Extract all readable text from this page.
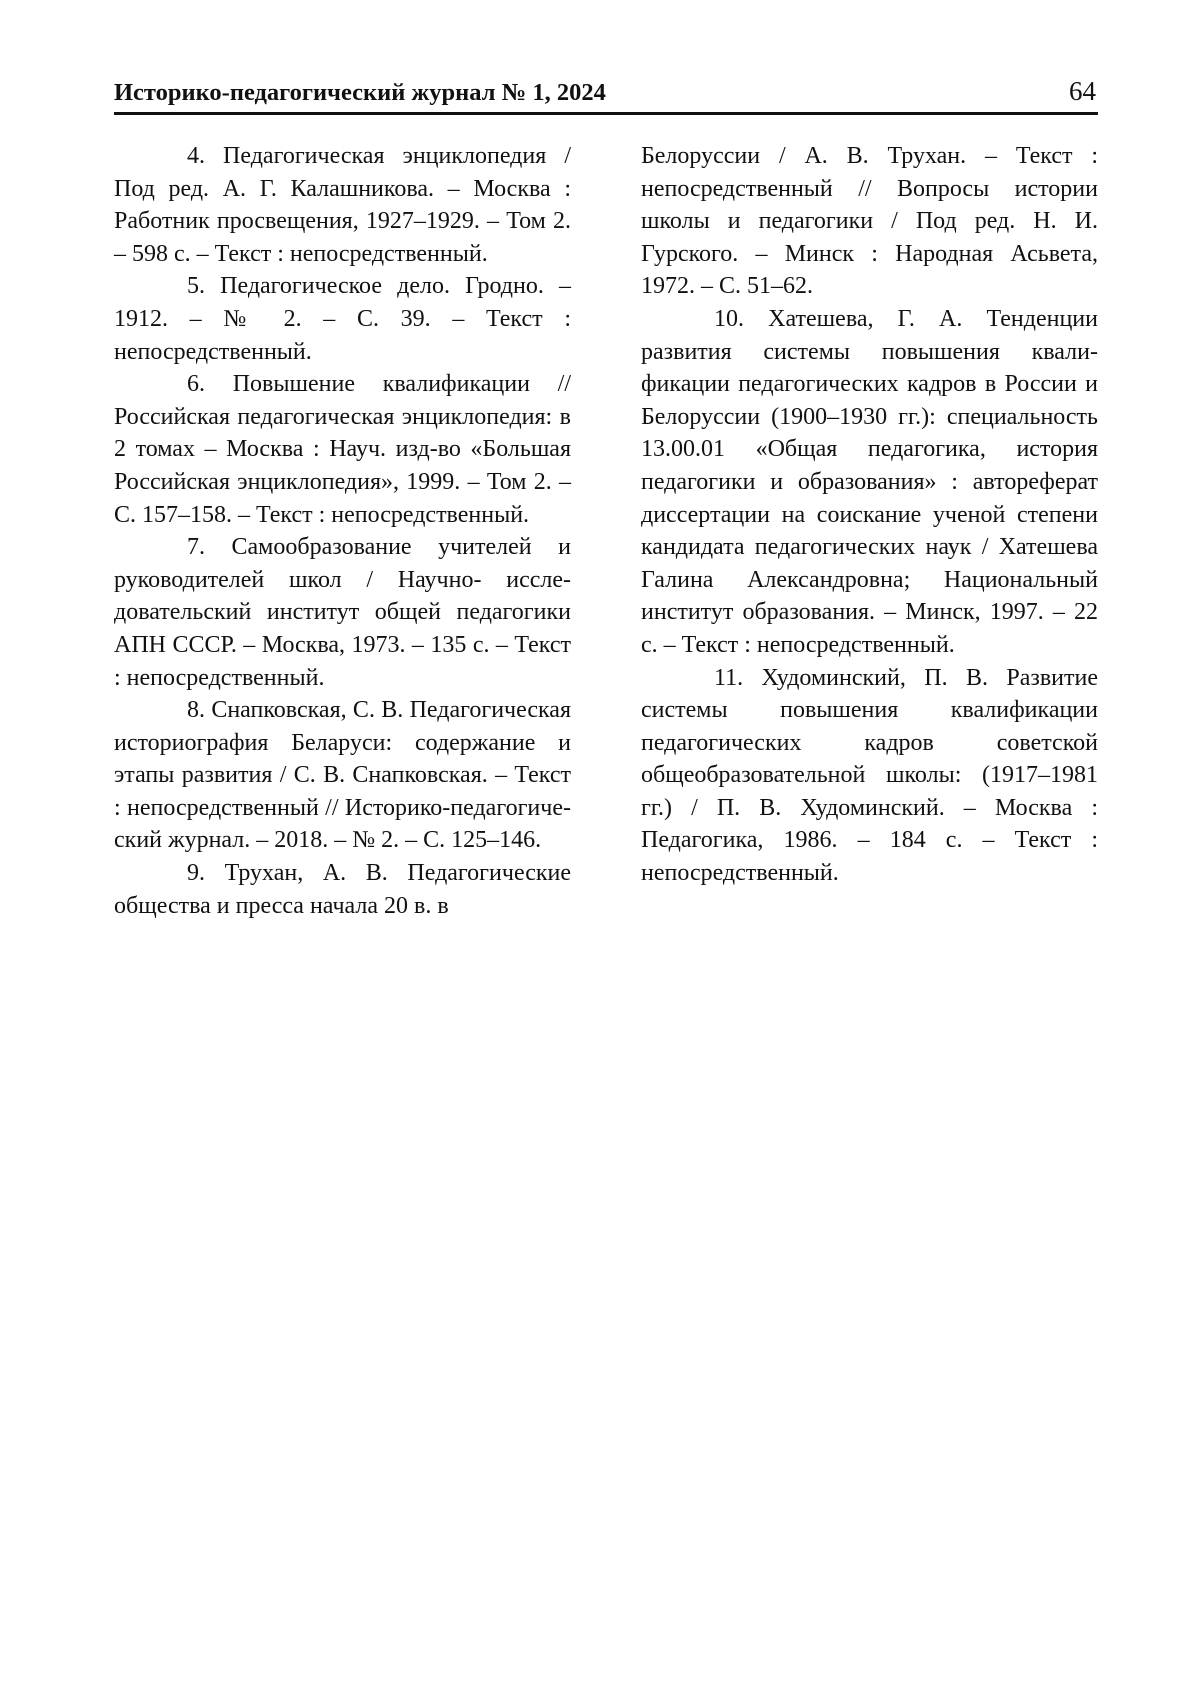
Историко-педагогический журнал № 1, 2024	64

4. Педагогическая энциклопедия / Под ред. А. Г. Калашникова. – Москва : Работник просвещения, 1927–1929. – Том 2. – 598 с. – Текст : непосредственный.

5. Педагогическое дело. Гродно. – 1912. – № 2. – С. 39. – Текст : непосредственный.

6. Повышение квалификации // Российская педагогическая энциклопедия: в 2 томах – Москва : Науч. изд-во «Большая Российская энциклопедия», 1999. – Том 2. – С. 157–158. – Текст : непосредственный.

7. Самообразование учителей и руководителей школ / Научно- исследовательский институт общей педагогики АПН СССР. – Москва, 1973. – 135 с. – Текст : непосредственный.

8. Снапковская, С. В. Педагогическая историография Беларуси: содержание и этапы развития / С. В. Снапковская. – Текст : непосредственный // Историко-педагогический журнал. – 2018. – № 2. – С. 125–146.

9. Трухан, А. В. Педагогические общества и пресса начала 20 в. в

Белоруссии / А. В. Трухан. – Текст : непосредственный // Вопросы истории школы и педагогики / Под ред. Н. И. Гурского. – Минск : Народная Асьвета, 1972. – С. 51–62.

10. Хатешева, Г. А. Тенденции развития системы повышения квалификации педагогических кадров в России и Белоруссии (1900–1930 гг.): специальность 13.00.01 «Общая педагогика, история педагогики и образования» : автореферат диссертации на соискание ученой степени кандидата педагогических наук / Хатешева Галина Александровна; Национальный институт образования. – Минск, 1997. – 22 с. – Текст : непосредственный.

11. Худоминский, П. В. Развитие системы повышения квалификации педагогических кадров советской общеобразовательной школы: (1917–1981 гг.) / П. В. Худоминский. – Москва : Педагогика, 1986. – 184 с. – Текст : непосредственный.
